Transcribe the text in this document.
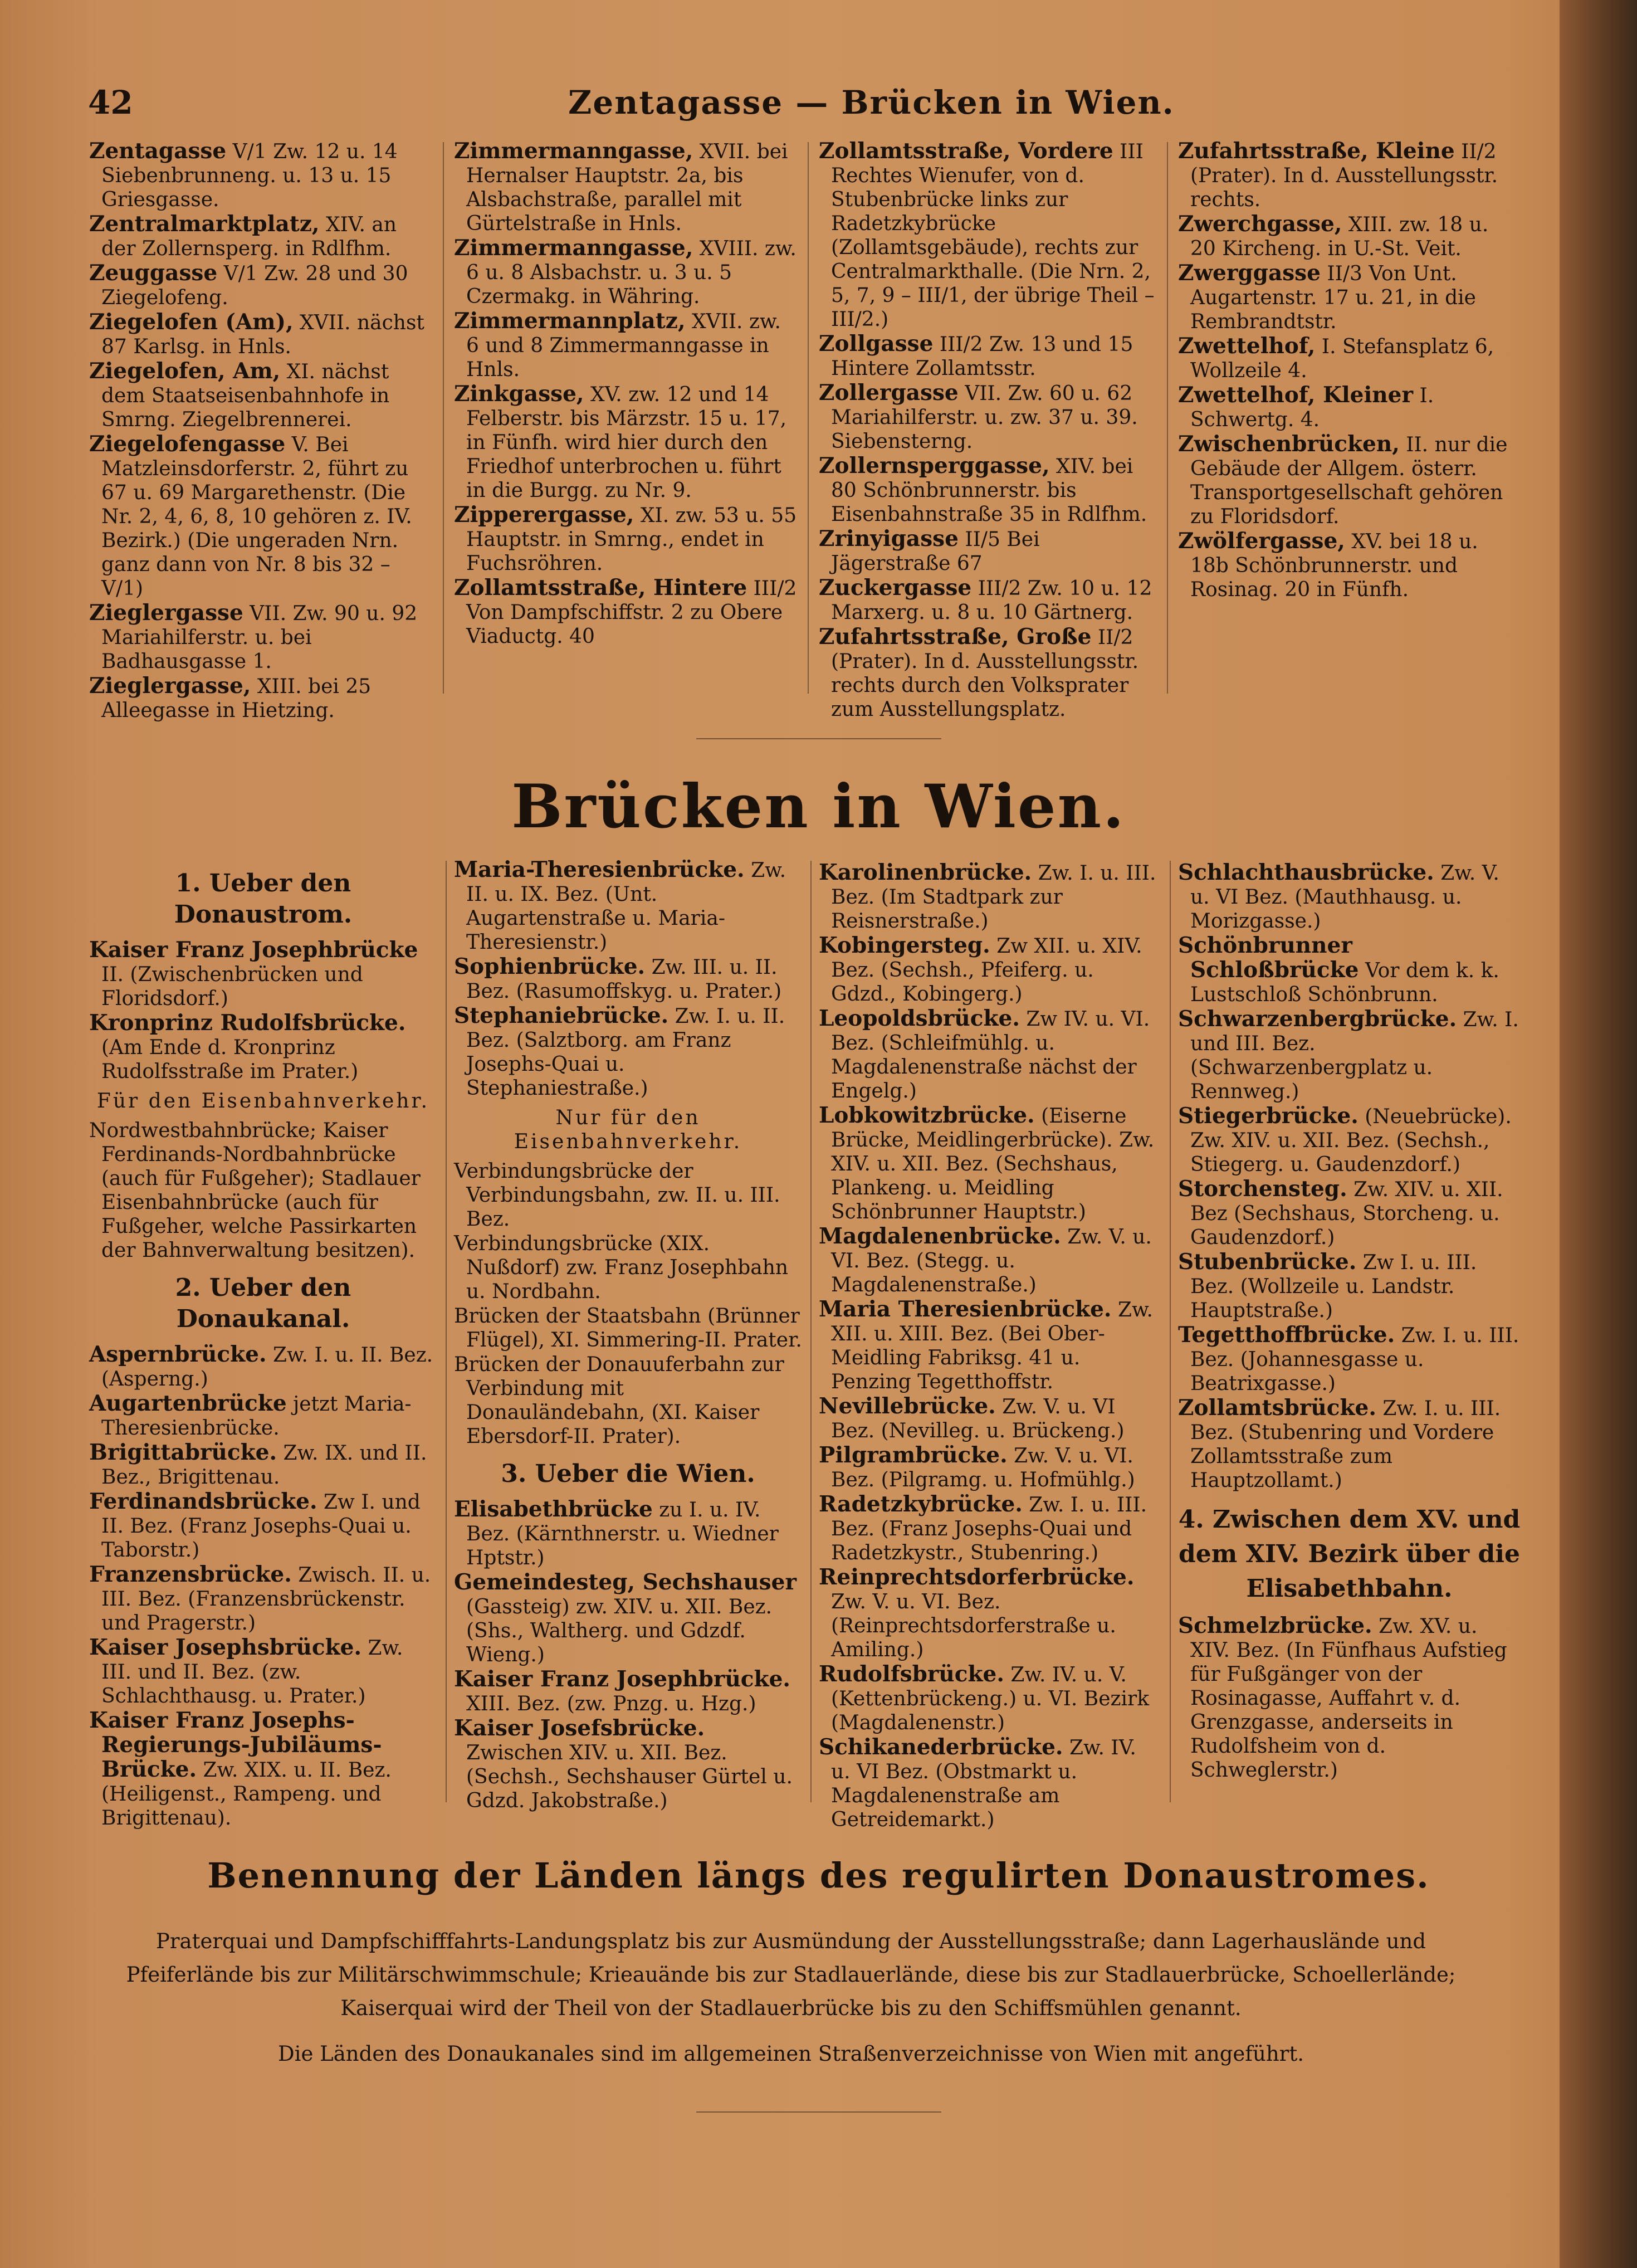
42	Zentagasse — Brücken in Wien.
Zentagasse V/1 Zw. 12 u. 14 Siebenbrunneng. u. 13 u. 15 Griesgasse.
Zentralmarktplatz, XIV. an der Zollernsperg. in Rdlfhm.
Zeuggasse V/1 Zw. 28 und 30 Ziegelofeng.
Ziegelofen (Am), XVII. nächst 87 Karlsg. in Hnls.
Ziegelofen, Am, XI. nächst dem Staatseisenbahnhofe in Smrng. Ziegelbrennerei.
Ziegelofengasse V. Bei Matzleinsdorferstr. 2, führt zu 67 u. 69 Margarethenstr. (Die Nr. 2, 4, 6, 8, 10 gehören z. IV. Bezirk.) (Die ungeraden Nrn. ganz dann von Nr. 8 bis 32 – V/1)
Zieglergasse VII. Zw. 90 u. 92 Mariahilferstr. u. bei Badhausgasse 1.
Zieglergasse, XIII. bei 25 Alleegasse in Hietzing.
Zimmermanngasse, XVII. bei Hernalser Hauptstr. 2a, bis Alsbachstraße, parallel mit Gürtelstraße in Hnls.
Zimmermanngasse, XVIII. zw. 6 u. 8 Alsbachstr. u. 3 u. 5 Czermakg. in Währing.
Zimmermannplatz, XVII. zw. 6 und 8 Zimmermanngasse in Hnls.
Zinkgasse, XV. zw. 12 und 14 Felberstr. bis Märzstr. 15 u. 17, in Fünfh. wird hier durch den Friedhof unterbrochen u. führt in die Burgg. zu Nr. 9.
Zipperergasse, XI. zw. 53 u. 55 Hauptstr. in Smrng., endet in Fuchsröhren.
Zollamtsstraße, Hintere III/2 Von Dampfschiffstr. 2 zu Obere Viaductg. 40
Zollamtsstraße, Vordere III Rechtes Wienufer, von d. Stubenbrücke links zur Radetzkybrücke (Zollamtsgebäude), rechts zur Centralmarkthalle. (Die Nrn. 2, 5, 7, 9 – III/1, der übrige Theil – III/2.)
Zollgasse III/2 Zw. 13 und 15 Hintere Zollamtsstr.
Zollergasse VII. Zw. 60 u. 62 Mariahilferstr. u. zw. 37 u. 39. Siebensterng.
Zollernsperggasse, XIV. bei 80 Schönbrunnerstr. bis Eisenbahnstraße 35 in Rdlfhm.
Zrinyigasse II/5 Bei Jägerstraße 67
Zuckergasse III/2 Zw. 10 u. 12 Marxerg. u. 8 u. 10 Gärtnerg.
Zufahrtsstraße, Große II/2 (Prater). In d. Ausstellungsstr. rechts durch den Volksprater zum Ausstellungsplatz.
Zufahrtsstraße, Kleine II/2 (Prater). In d. Ausstellungsstr. rechts.
Zwerchgasse, XIII. zw. 18 u. 20 Kircheng. in U.-St. Veit.
Zwerggasse II/3 Von Unt. Augartenstr. 17 u. 21, in die Rembrandtstr.
Zwettelhof, I. Stefansplatz 6, Wollzeile 4.
Zwettelhof, Kleiner I. Schwertg. 4.
Zwischenbrücken, II. nur die Gebäude der Allgem. österr. Transportgesellschaft gehören zu Floridsdorf.
Zwölfergasse, XV. bei 18 u. 18b Schönbrunnerstr. und Rosinag. 20 in Fünfh.
Brücken in Wien.
1. Ueber den Donaustrom.
Kaiser Franz Josephbrücke II. (Zwischenbrücken und Floridsdorf.)
Kronprinz Rudolfsbrücke. (Am Ende d. Kronprinz Rudolfsstraße im Prater.)
Für den Eisenbahnverkehr.
Nordwestbahnbrücke; Kaiser Ferdinands-Nordbahnbrücke (auch für Fußgeher); Stadlauer Eisenbahnbrücke (auch für Fußgeher, welche Passirkarten der Bahnverwaltung besitzen).
2. Ueber den Donaukanal.
Aspernbrücke. Zw. I. u. II. Bez. (Asperng.)
Augartenbrücke jetzt Maria-Theresienbrücke.
Brigittabrücke. Zw. IX. und II. Bez., Brigittenau.
Ferdinandsbrücke. Zw I. und II. Bez. (Franz Josephs-Quai u. Taborstr.)
Franzensbrücke. Zwisch. II. u. III. Bez. (Franzensbrückenstr. und Pragerstr.)
Kaiser Josephsbrücke. Zw. III. und II. Bez. (zw. Schlachthausg. u. Prater.)
Kaiser Franz Josephs-Regierungs-Jubiläums-Brücke. Zw. XIX. u. II. Bez. (Heiligenst., Rampeng. und Brigittenau).
Maria-Theresienbrücke. Zw. II. u. IX. Bez. (Unt. Augartenstraße u. Maria-Theresienstr.)
Sophienbrücke. Zw. III. u. II. Bez. (Rasumoffskyg. u. Prater.)
Stephaniebrücke. Zw. I. u. II. Bez. (Salztborg. am Franz Josephs-Quai u. Stephaniestraße.)
Nur für den Eisenbahnverkehr.
Verbindungsbrücke der Verbindungsbahn, zw. II. u. III. Bez.
Verbindungsbrücke (XIX. Nußdorf) zw. Franz Josephbahn u. Nordbahn.
Brücken der Staatsbahn (Brünner Flügel), XI. Simmering-II. Prater.
Brücken der Donauuferbahn zur Verbindung mit Donauländebahn, (XI. Kaiser Ebersdorf-II. Prater).
3. Ueber die Wien.
Elisabethbrücke zu I. u. IV. Bez. (Kärnthnerstr. u. Wiedner Hptstr.)
Gemeindesteg, Sechshauser (Gassteig) zw. XIV. u. XII. Bez. (Shs., Waltherg. und Gdzdf. Wieng.)
Kaiser Franz Josephbrücke. XIII. Bez. (zw. Pnzg. u. Hzg.)
Kaiser Josefsbrücke. Zwischen XIV. u. XII. Bez. (Sechsh., Sechshauser Gürtel u. Gdzd. Jakobstraße.)
Karolinenbrücke. Zw. I. u. III. Bez. (Im Stadtpark zur Reisnerstraße.)
Kobingersteg. Zw XII. u. XIV. Bez. (Sechsh., Pfeiferg. u. Gdzd., Kobingerg.)
Leopoldsbrücke. Zw IV. u. VI. Bez. (Schleifmühlg. u. Magdalenenstraße nächst der Engelg.)
Lobkowitzbrücke. (Eiserne Brücke, Meidlingerbrücke). Zw. XIV. u. XII. Bez. (Sechshaus, Plankeng. u. Meidling Schönbrunner Hauptstr.)
Magdalenenbrücke. Zw. V. u. VI. Bez. (Stegg. u. Magdalenenstraße.)
Maria Theresienbrücke. Zw. XII. u. XIII. Bez. (Bei Ober-Meidling Fabriksg. 41 u. Penzing Tegetthoffstr.
Nevillebrücke. Zw. V. u. VI Bez. (Nevilleg. u. Brückeng.)
Pilgrambrücke. Zw. V. u. VI. Bez. (Pilgramg. u. Hofmühlg.)
Radetzkybrücke. Zw. I. u. III. Bez. (Franz Josephs-Quai und Radetzkystr., Stubenring.)
Reinprechtsdorferbrücke. Zw. V. u. VI. Bez. (Reinprechtsdorferstraße u. Amiling.)
Rudolfsbrücke. Zw. IV. u. V. (Kettenbrückeng.) u. VI. Bezirk (Magdalenenstr.)
Schikanederbrücke. Zw. IV. u. VI Bez. (Obstmarkt u. Magdalenenstraße am Getreidemarkt.)
Schlachthausbrücke. Zw. V. u. VI Bez. (Mauthhausg. u. Morizgasse.)
Schönbrunner Schloßbrücke Vor dem k. k. Lustschloß Schönbrunn.
Schwarzenbergbrücke. Zw. I. und III. Bez. (Schwarzenbergplatz u. Rennweg.)
Stiegerbrücke. (Neuebrücke). Zw. XIV. u. XII. Bez. (Sechsh., Stiegerg. u. Gaudenzdorf.)
Storchensteg. Zw. XIV. u. XII. Bez (Sechshaus, Storcheng. u. Gaudenzdorf.)
Stubenbrücke. Zw I. u. III. Bez. (Wollzeile u. Landstr. Hauptstraße.)
Tegetthoffbrücke. Zw. I. u. III. Bez. (Johannesgasse u. Beatrixgasse.)
Zollamtsbrücke. Zw. I. u. III. Bez. (Stubenring und Vordere Zollamtsstraße zum Hauptzollamt.)
4. Zwischen dem XV. und dem XIV. Bezirk über die Elisabethbahn.
Schmelzbrücke. Zw. XV. u. XIV. Bez. (In Fünfhaus Aufstieg für Fußgänger von der Rosinagasse, Auffahrt v. d. Grenzgasse, anderseits in Rudolfsheim von d. Schweglerstr.)
Benennung der Länden längs des regulirten Donaustromes.
Praterquai und Dampfschifffahrts-Landungsplatz bis zur Ausmündung der Ausstellungsstraße; dann Lagerhauslände und Pfeiferlände bis zur Militärschwimmschule; Krieauände bis zur Stadlauerlände, diese bis zur Stadlauerbrücke, Schoellerlände; Kaiserquai wird der Theil von der Stadlauerbrücke bis zu den Schiffsmühlen genannt.
Die Länden des Donaukanales sind im allgemeinen Straßenverzeichnisse von Wien mit angeführt.
